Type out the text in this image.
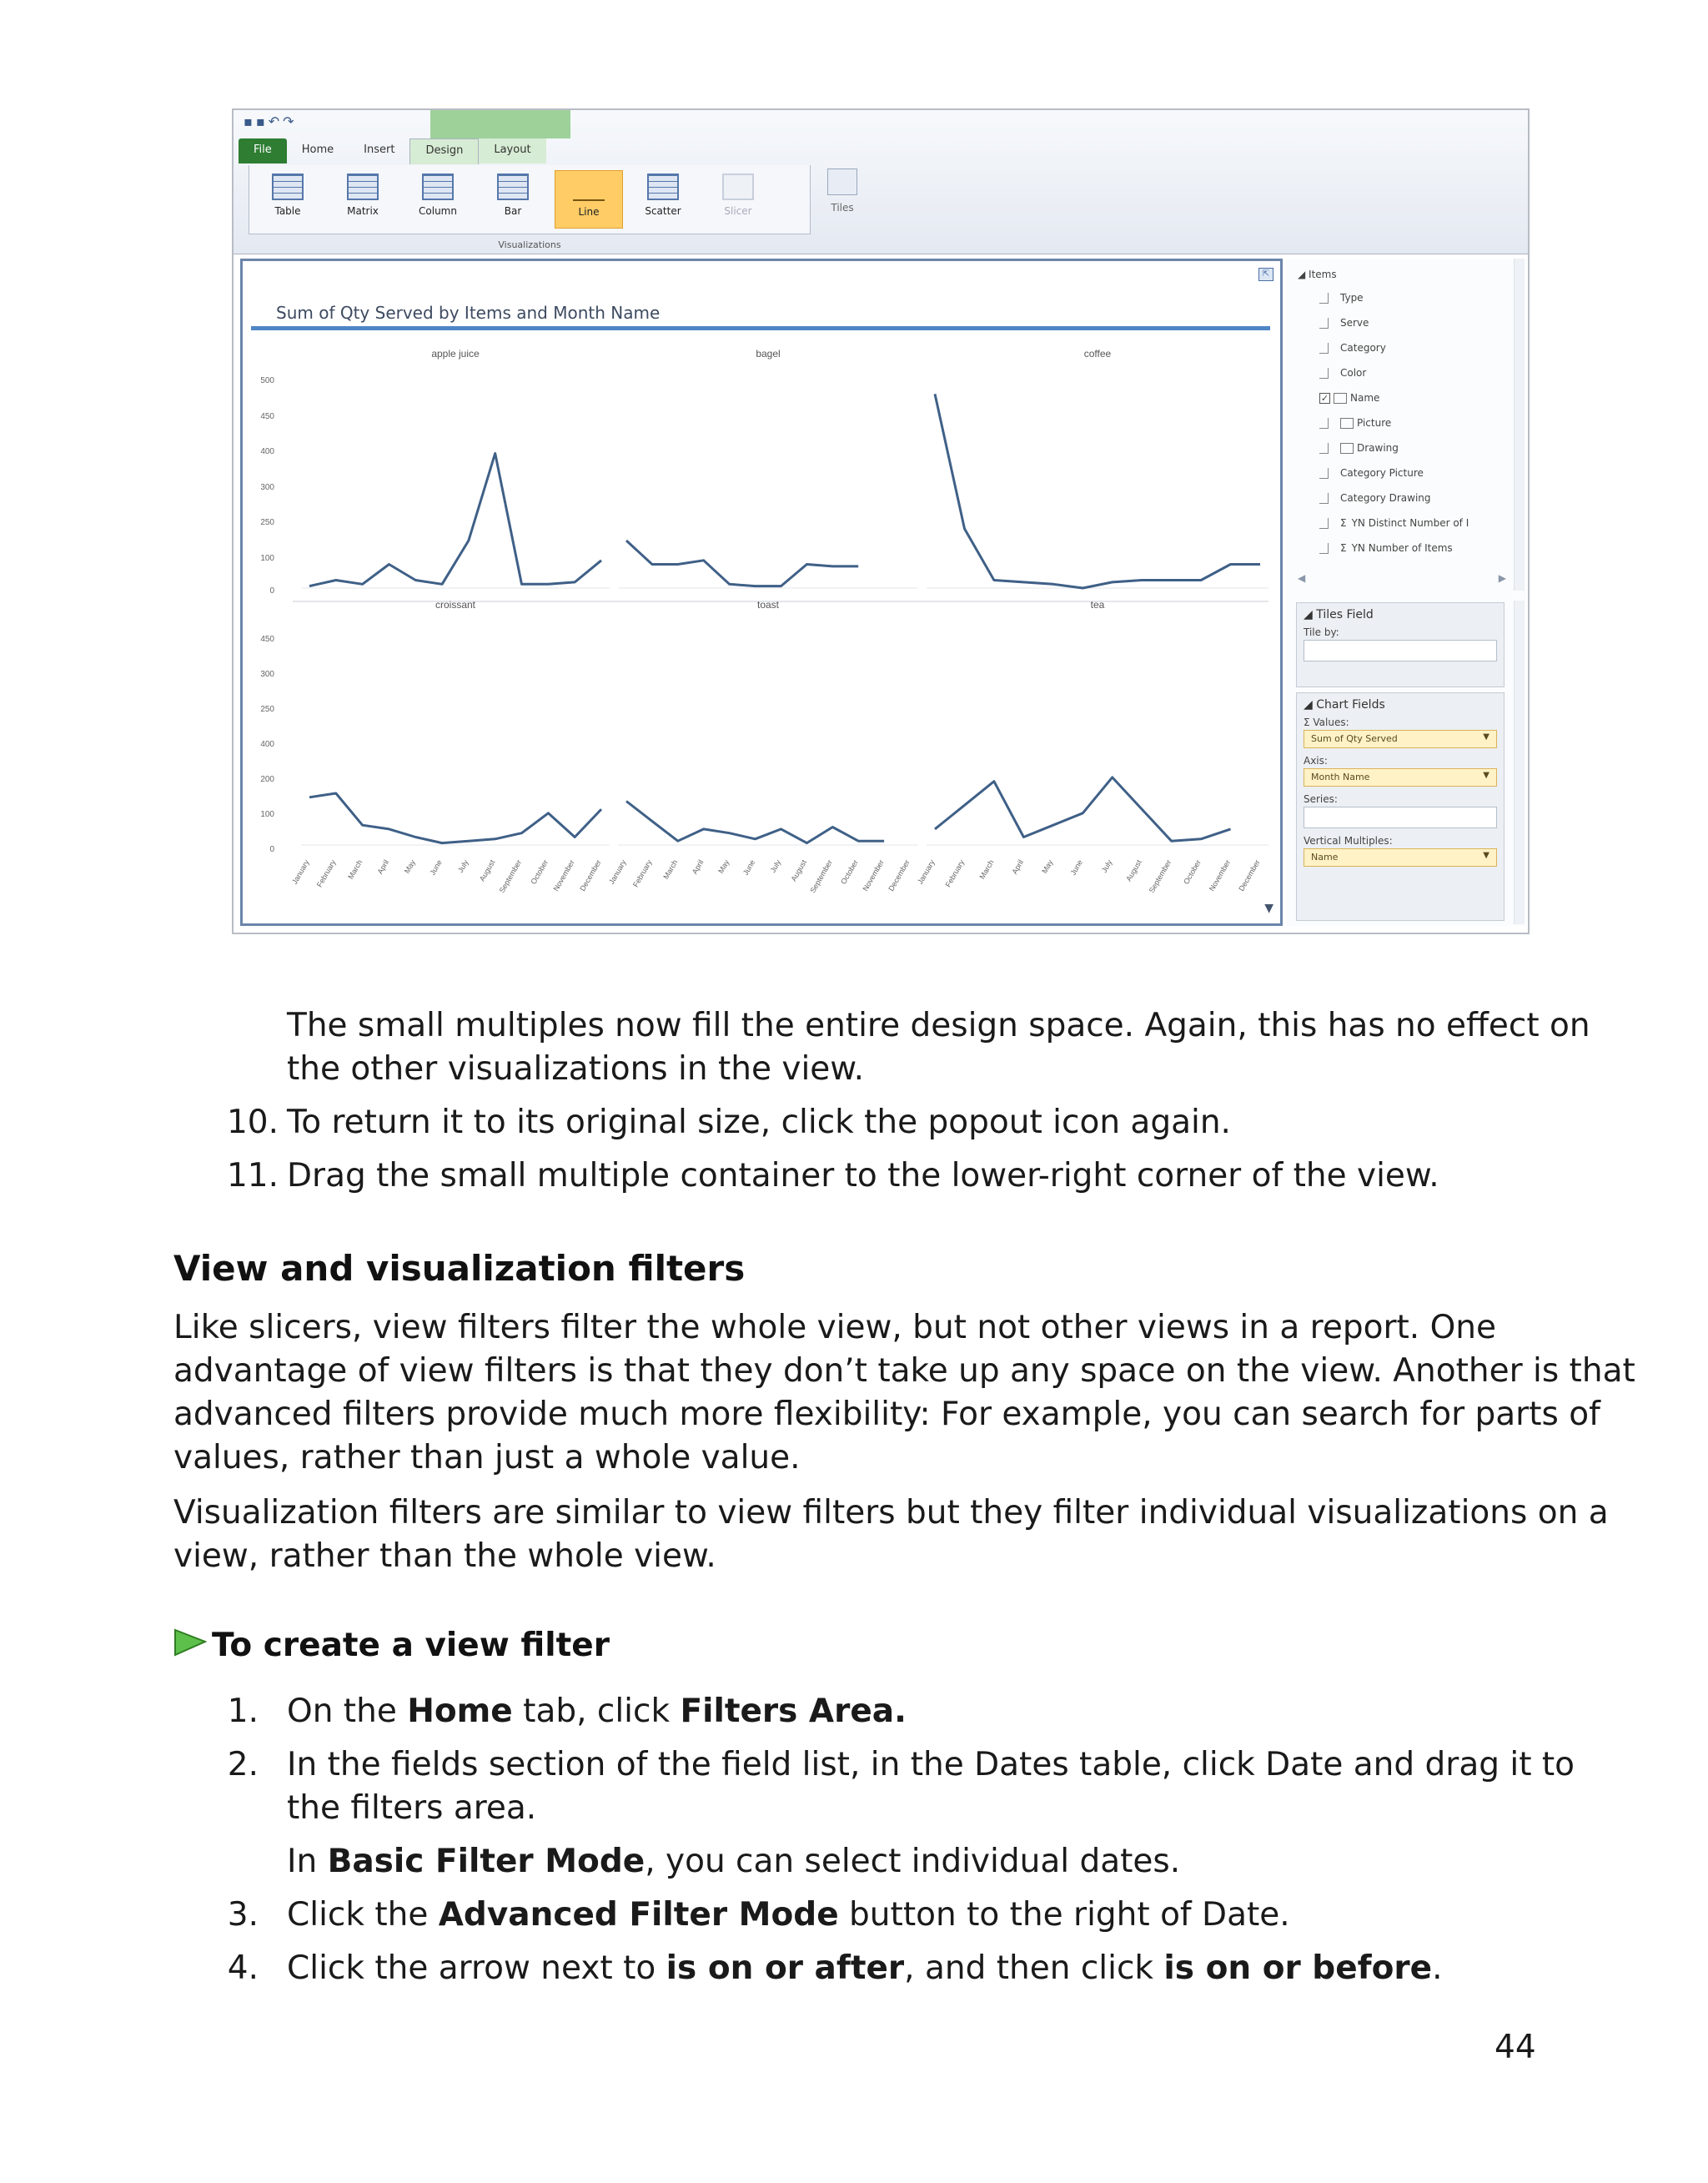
▪▪↶↷
File	Home	Insert	Design	Layout
Table	Matrix	Column	Bar	Line	Scatter	Slicer
Visualizations
Tiles
500
450
400
300
250
100
0
450
300
250
400
200
100
0
apple juice	bagel	coffee
croissant
January February March April May June July August September October November December
toast
January February March April May June July August September October November December
tea
January February March April May June July August September October November December
⇱
Sum of Qty Served by Items and Month Name
▼
◢ Items
Type
Serve
Category
Color
✓ Name
Picture
Drawing
Category Picture
Category Drawing
Σ YN Distinct Number of I
Σ YN Number of Items
◀	▶
◢ Tiles Field
Tile by:
◢ Chart Fields
Σ Values:
Sum of Qty Served	▼
Axis:
Month Name	▼
Series:
Vertical Multiples:
Name	▼
The small multiples now fill the entire design space. Again, this has no effect on
the other visualizations in the view.
10. To return it to its original size, click the popout icon again.
11. Drag the small multiple container to the lower-right corner of the view.
View and visualization filters
Like slicers, view filters filter the whole view, but not other views in a report. One
advantage of view filters is that they don’t take up any space on the view. Another is that
advanced filters provide much more flexibility: For example, you can search for parts of
values, rather than just a whole value.
Visualization filters are similar to view filters but they filter individual visualizations on a
view, rather than the whole view.
To create a view filter
1. On the Home tab, click Filters Area.
2. In the fields section of the field list, in the Dates table, click Date and drag it to
the filters area.
In Basic Filter Mode, you can select individual dates.
3. Click the Advanced Filter Mode button to the right of Date.
4. Click the arrow next to is on or after, and then click is on or before.
44
